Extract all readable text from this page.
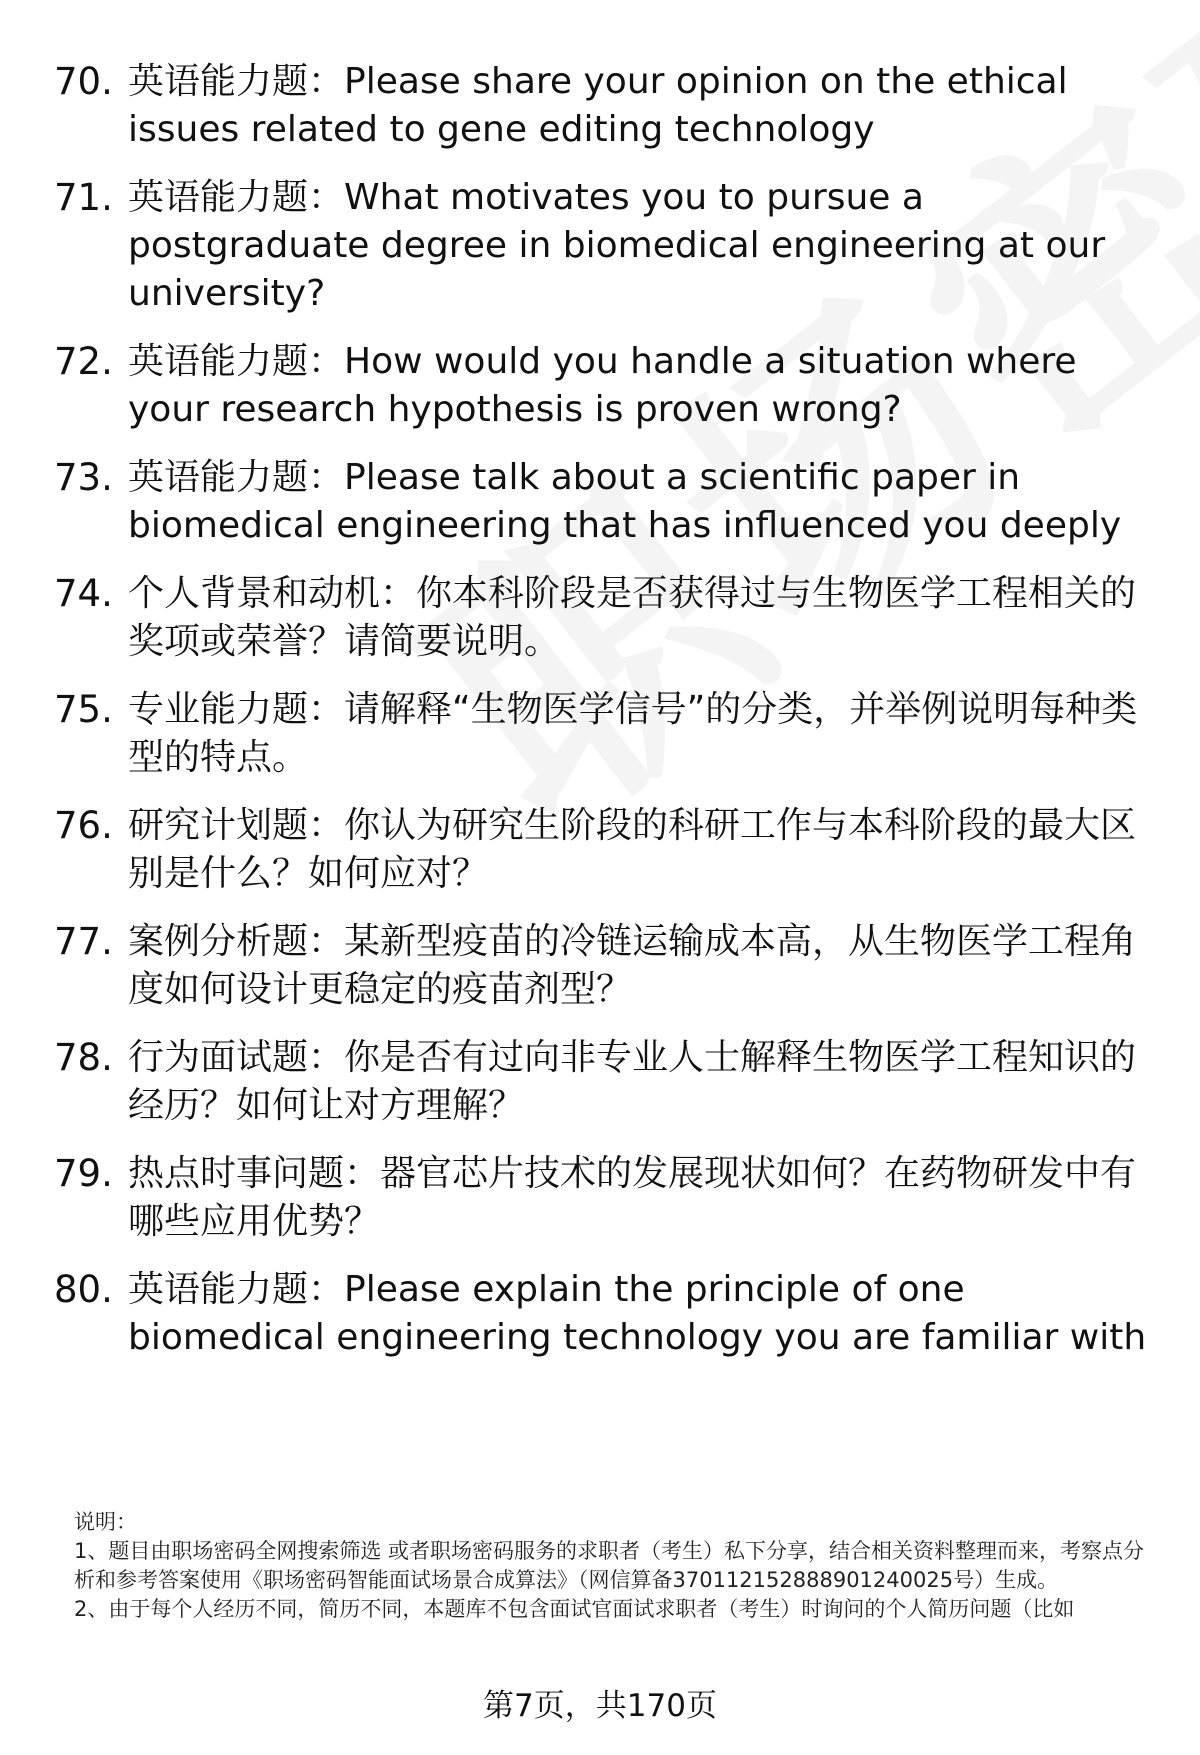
70. 英语能力题：Please share your opinion on the ethical issues related to gene editing technology
71. 英语能力题：What motivates you to pursue a postgraduate degree in biomedical engineering at our university?
72. 英语能力题：How would you handle a situation where your research hypothesis is proven wrong?
73. 英语能力题：Please talk about a scientific paper in biomedical engineering that has influenced you deeply
74. 个人背景和动机：你本科阶段是否获得过与生物医学工程相关的奖项或荣誉？请简要说明。
75. 专业能力题：请解释“生物医学信号”的分类，并举例说明每种类型的特点。
76. 研究计划题：你认为研究生阶段的科研工作与本科阶段的最大区别是什么？如何应对？
77. 案例分析题：某新型疫苗的冷链运输成本高，从生物医学工程角度如何设计更稳定的疫苗剂型？
78. 行为面试题：你是否有过向非专业人士解释生物医学工程知识的经历？如何让对方理解？
79. 热点时事问题：器官芯片技术的发展现状如何？在药物研发中有哪些应用优势？
80. 英语能力题：Please explain the principle of one biomedical engineering technology you are familiar with

说明：

1、题目由职场密码全网搜索筛选 或者职场密码服务的求职者（考生）私下分享，结合相关资料整理而来，考察点分析和参考答案使用《职场密码智能面试场景合成算法》（网信算备370112152888901240025号）生成。

2、由于每个人经历不同，简历不同，本题库不包含面试官面试求职者（考生）时询问的个人简历问题（比如

第7页，共170页
